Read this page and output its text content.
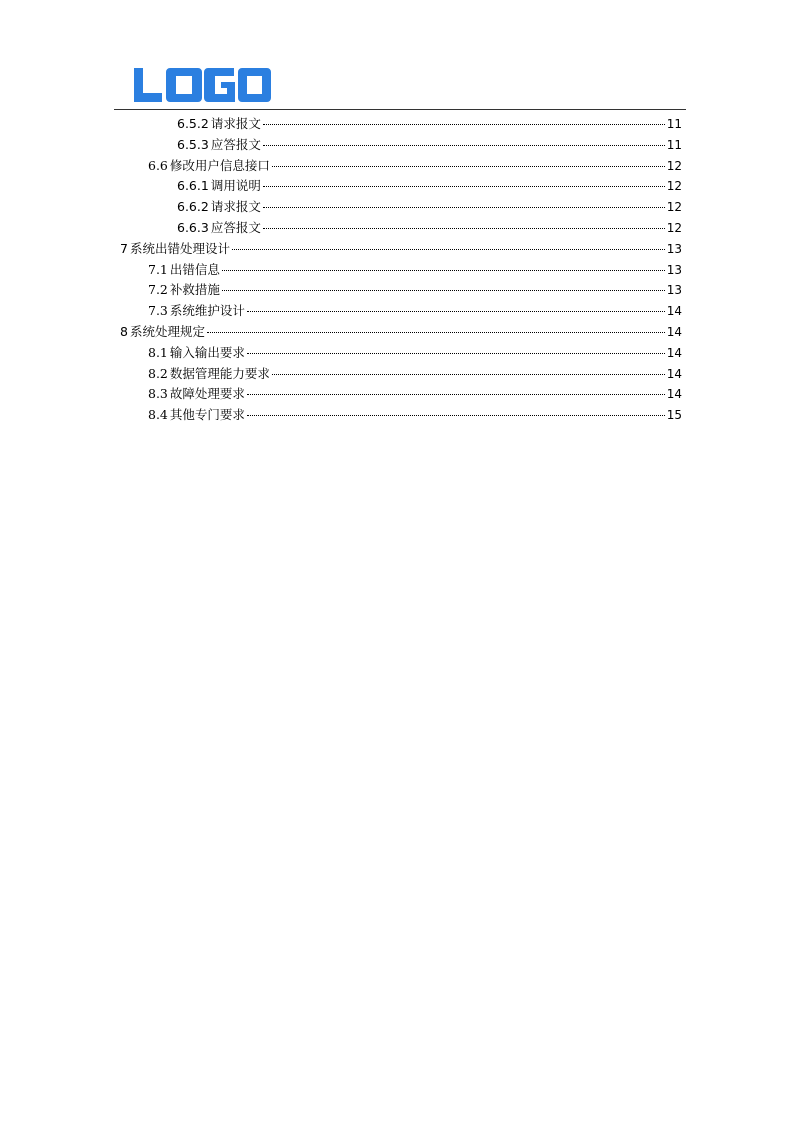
6.5.2 请求报文	11
6.5.3 应答报文	11
6.6 修改用户信息接口	12
6.6.1 调用说明	12
6.6.2 请求报文	12
6.6.3 应答报文	12
7 系统出错处理设计	13
7.1 出错信息	13
7.2 补救措施	13
7.3 系统维护设计	14
8 系统处理规定	14
8.1 输入输出要求	14
8.2 数据管理能力要求	14
8.3 故障处理要求	14
8.4 其他专门要求	15
